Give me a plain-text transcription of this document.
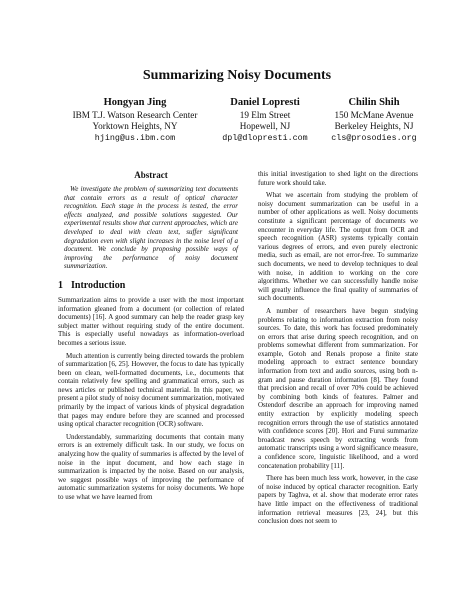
Summarizing Noisy Documents
Hongyan Jing
IBM T.J. Watson Research Center
Yorktown Heights, NY
hjing@us.ibm.com
Daniel Lopresti
19 Elm Street
Hopewell, NJ
dpl@dlopresti.com
Chilin Shih
150 McMane Avenue
Berkeley Heights, NJ
cls@prosodies.org
Abstract

We investigate the problem of summarizing text documents that contain errors as a result of optical character recognition. Each stage in the process is tested, the error effects analyzed, and possible solutions suggested. Our experimental results show that current approaches, which are developed to deal with clean text, suffer significant degradation even with slight increases in the noise level of a document. We conclude by proposing possible ways of improving the performance of noisy document summarization.

1 Introduction

Summarization aims to provide a user with the most important information gleaned from a document (or collection of related documents) [16]. A good summary can help the reader grasp key subject matter without requiring study of the entire document. This is especially useful nowadays as information-overload becomes a serious issue.

Much attention is currently being directed towards the problem of summarization [6, 25]. However, the focus to date has typically been on clean, well-formatted documents, i.e., documents that contain relatively few spelling and grammatical errors, such as news articles or published technical material. In this paper, we present a pilot study of noisy document summarization, motivated primarily by the impact of various kinds of physical degradation that pages may endure before they are scanned and processed using optical character recognition (OCR) software.

Understandably, summarizing documents that contain many errors is an extremely difficult task. In our study, we focus on analyzing how the quality of summaries is affected by the level of noise in the input document, and how each stage in summarization is impacted by the noise. Based on our analysis, we suggest possible ways of improving the performance of automatic summarization systems for noisy documents. We hope to use what we have learned from

this initial investigation to shed light on the directions future work should take.

What we ascertain from studying the problem of noisy document summarization can be useful in a number of other applications as well. Noisy documents constitute a significant percentage of documents we encounter in everyday life. The output from OCR and speech recognition (ASR) systems typically contain various degrees of errors, and even purely electronic media, such as email, are not error-free. To summarize such documents, we need to develop techniques to deal with noise, in addition to working on the core algorithms. Whether we can successfully handle noise will greatly influence the final quality of summaries of such documents.

A number of researchers have begun studying problems relating to information extraction from noisy sources. To date, this work has focused predominately on errors that arise during speech recognition, and on problems somewhat different from summarization. For example, Gotoh and Renals propose a finite state modeling approach to extract sentence boundary information from text and audio sources, using both n-gram and pause duration information [8]. They found that precision and recall of over 70% could be achieved by combining both kinds of features. Palmer and Ostendorf describe an approach for improving named entity extraction by explicitly modeling speech recognition errors through the use of statistics annotated with confidence scores [20]. Hori and Furui summarize broadcast news speech by extracting words from automatic transcripts using a word significance measure, a confidence score, linguistic likelihood, and a word concatenation probability [11].

There has been much less work, however, in the case of noise induced by optical character recognition. Early papers by Taghva, et al. show that moderate error rates have little impact on the effectiveness of traditional information retrieval measures [23, 24], but this conclusion does not seem to
